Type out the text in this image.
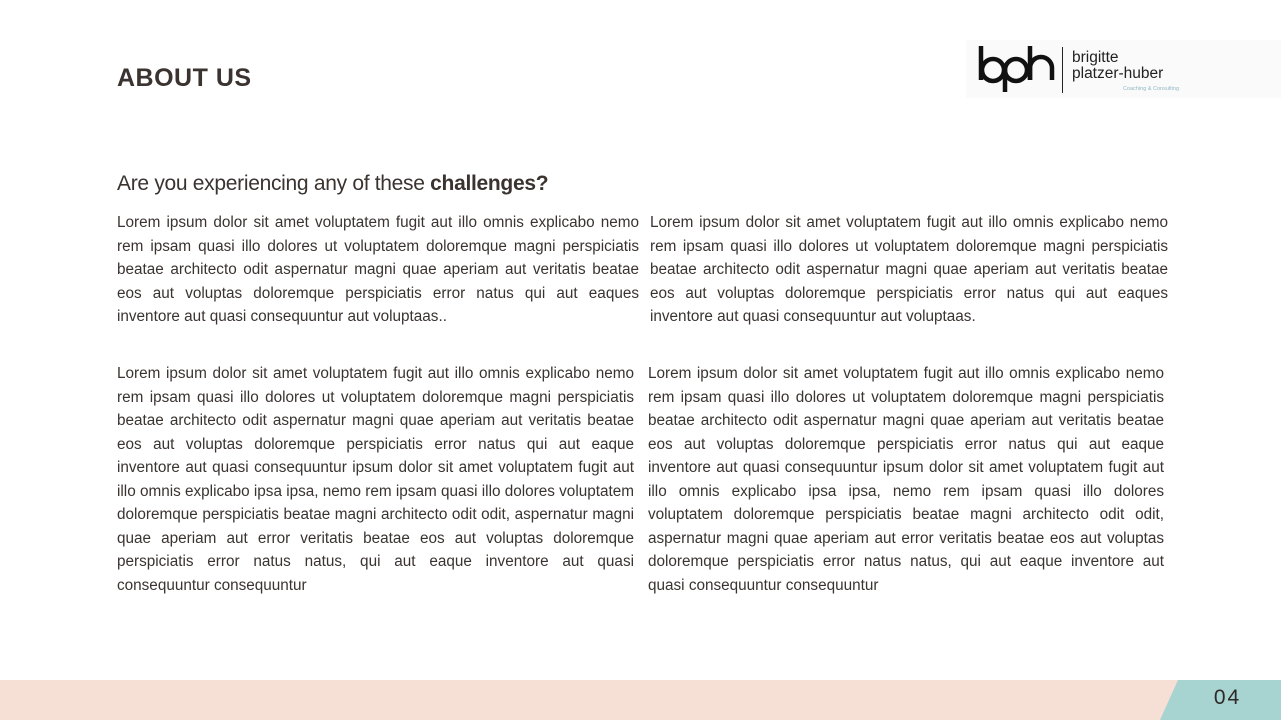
ABOUT US
brigitte
platzer-huber
Coaching & Consulting
Are you experiencing any of these challenges?

Lorem ipsum dolor sit amet voluptatem fugit aut illo omnis explicabo nemo rem ipsam quasi illo dolores ut voluptatem doloremque magni perspiciatis beatae architecto odit aspernatur magni quae aperiam aut veritatis beatae eos aut voluptas doloremque perspiciatis error natus qui aut eaques inventore aut quasi consequuntur aut voluptaas..

Lorem ipsum dolor sit amet voluptatem fugit aut illo omnis explicabo nemo rem ipsam quasi illo dolores ut voluptatem doloremque magni perspiciatis beatae architecto odit aspernatur magni quae aperiam aut veritatis beatae eos aut voluptas doloremque perspiciatis error natus qui aut eaques inventore aut quasi consequuntur aut voluptaas.

Lorem ipsum dolor sit amet voluptatem fugit aut illo omnis explicabo nemo rem ipsam quasi illo dolores ut voluptatem doloremque magni perspiciatis beatae architecto odit aspernatur magni quae aperiam aut veritatis beatae eos aut voluptas doloremque perspiciatis error natus qui aut eaque inventore aut quasi consequuntur ipsum dolor sit amet voluptatem fugit aut illo omnis explicabo ipsa ipsa, nemo rem ipsam quasi illo dolores voluptatem doloremque perspiciatis beatae magni architecto odit odit, aspernatur magni quae aperiam aut error veritatis beatae eos aut voluptas doloremque perspiciatis error natus natus, qui aut eaque inventore aut quasi consequuntur consequuntur

Lorem ipsum dolor sit amet voluptatem fugit aut illo omnis explicabo nemo rem ipsam quasi illo dolores ut voluptatem doloremque magni perspiciatis beatae architecto odit aspernatur magni quae aperiam aut veritatis beatae eos aut voluptas doloremque perspiciatis error natus qui aut eaque inventore aut quasi consequuntur ipsum dolor sit amet voluptatem fugit aut illo omnis explicabo ipsa ipsa, nemo rem ipsam quasi illo dolores voluptatem doloremque perspiciatis beatae magni architecto odit odit, aspernatur magni quae aperiam aut error veritatis beatae eos aut voluptas doloremque perspiciatis error natus natus, qui aut eaque inventore aut quasi consequuntur consequuntur

04
